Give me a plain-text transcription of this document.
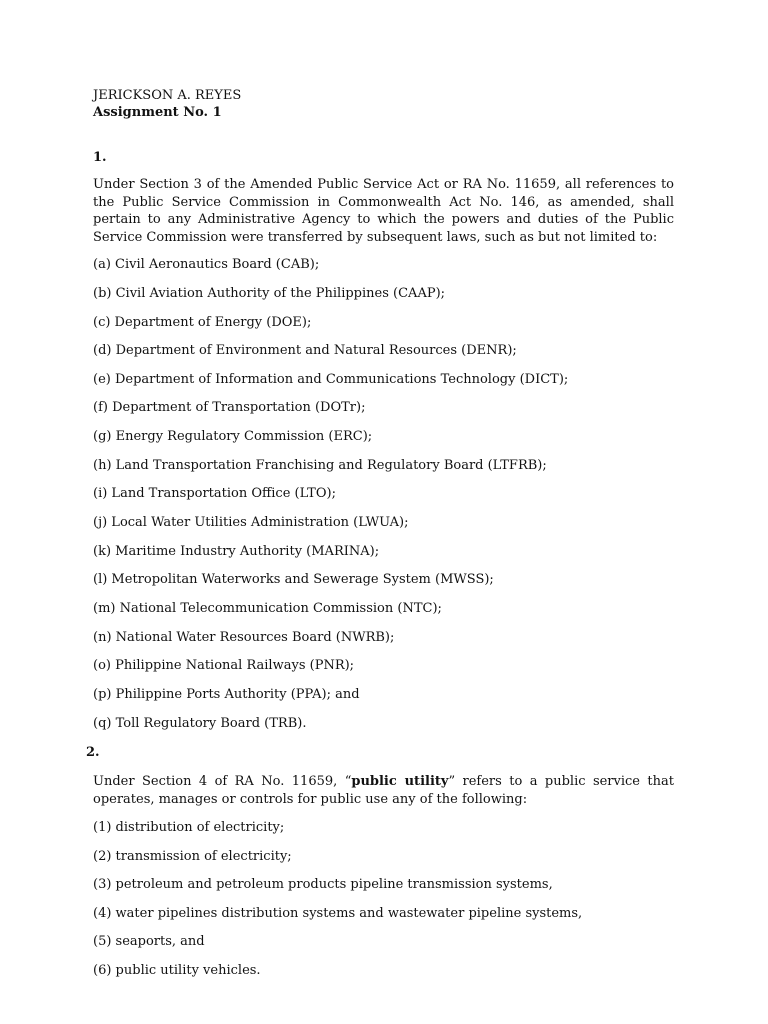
JERICKSON A. REYES
Assignment No. 1
1.
Under Section 3 of the Amended Public Service Act or RA No. 11659, all references to the Public Service Commission in Commonwealth Act No. 146, as amended, shall pertain to any Administrative Agency to which the powers and duties of the Public Service Commission were transferred by subsequent laws, such as but not limited to:
(a) Civil Aeronautics Board (CAB);
(b) Civil Aviation Authority of the Philippines (CAAP);
(c) Department of Energy (DOE);
(d) Department of Environment and Natural Resources (DENR);
(e) Department of Information and Communications Technology (DICT);
(f) Department of Transportation (DOTr);
(g) Energy Regulatory Commission (ERC);
(h) Land Transportation Franchising and Regulatory Board (LTFRB);
(i) Land Transportation Office (LTO);
(j) Local Water Utilities Administration (LWUA);
(k) Maritime Industry Authority (MARINA);
(l) Metropolitan Waterworks and Sewerage System (MWSS);
(m) National Telecommunication Commission (NTC);
(n) National Water Resources Board (NWRB);
(o) Philippine National Railways (PNR);
(p) Philippine Ports Authority (PPA); and
(q) Toll Regulatory Board (TRB).
2.
Under Section 4 of RA No. 11659, “public utility” refers to a public service that operates, manages or controls for public use any of the following:
(1) distribution of electricity;
(2) transmission of electricity;
(3) petroleum and petroleum products pipeline transmission systems,
(4) water pipelines distribution systems and wastewater pipeline systems,
(5) seaports, and
(6) public utility vehicles.
